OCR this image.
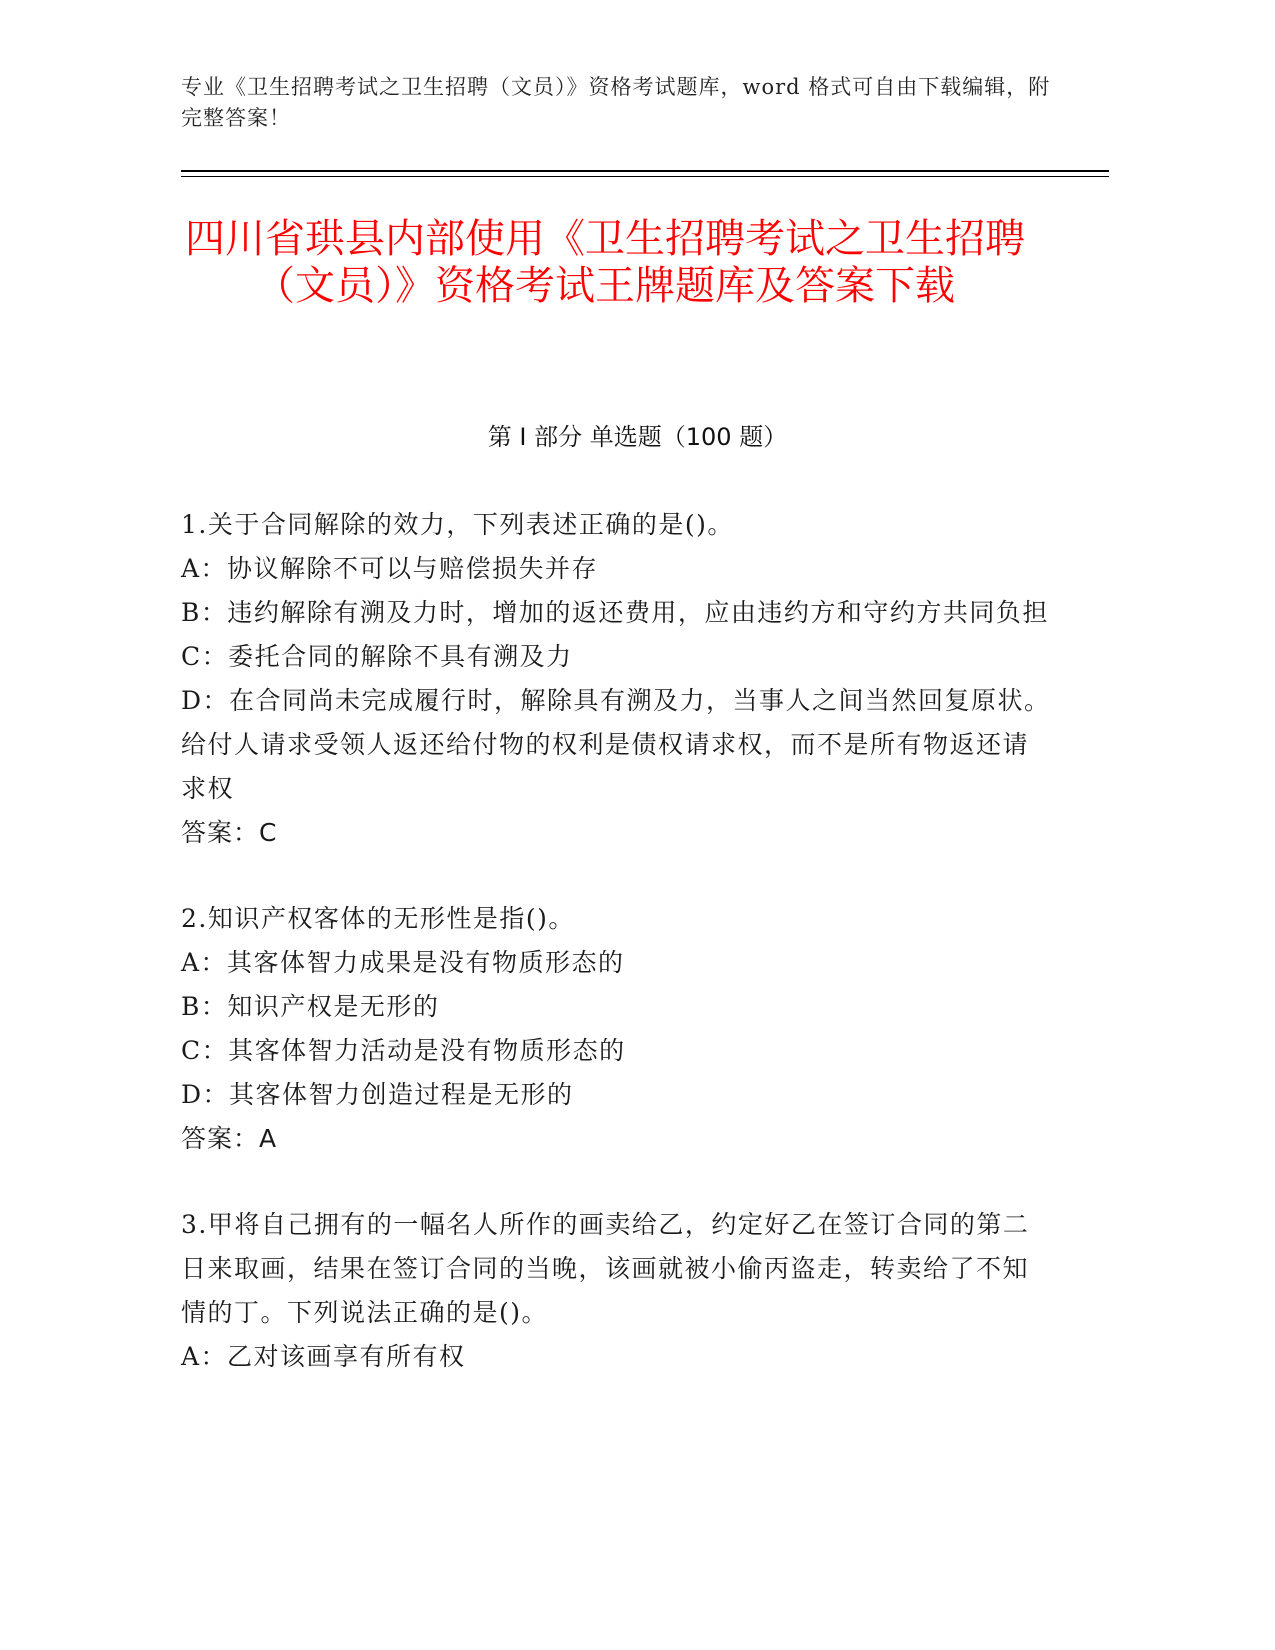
专业《卫生招聘考试之卫生招聘（文员）》资格考试题库，word 格式可自由下载编辑，附完整答案！
四川省珙县内部使用《卫生招聘考试之卫生招聘（文员）》资格考试王牌题库及答案下载
第 I 部分 单选题（100 题）

1.关于合同解除的效力，下列表述正确的是()。

A：协议解除不可以与赔偿损失并存

B：违约解除有溯及力时，增加的返还费用，应由违约方和守约方共同负担

C：委托合同的解除不具有溯及力

D：在合同尚未完成履行时，解除具有溯及力，当事人之间当然回复原状。给付人请求受领人返还给付物的权利是债权请求权，而不是所有物返还请求权

答案：C

2.知识产权客体的无形性是指()。

A：其客体智力成果是没有物质形态的

B：知识产权是无形的

C：其客体智力活动是没有物质形态的

D：其客体智力创造过程是无形的

答案：A

3.甲将自己拥有的一幅名人所作的画卖给乙，约定好乙在签订合同的第二日来取画，结果在签订合同的当晚，该画就被小偷丙盗走，转卖给了不知情的丁。下列说法正确的是()。

A：乙对该画享有所有权
